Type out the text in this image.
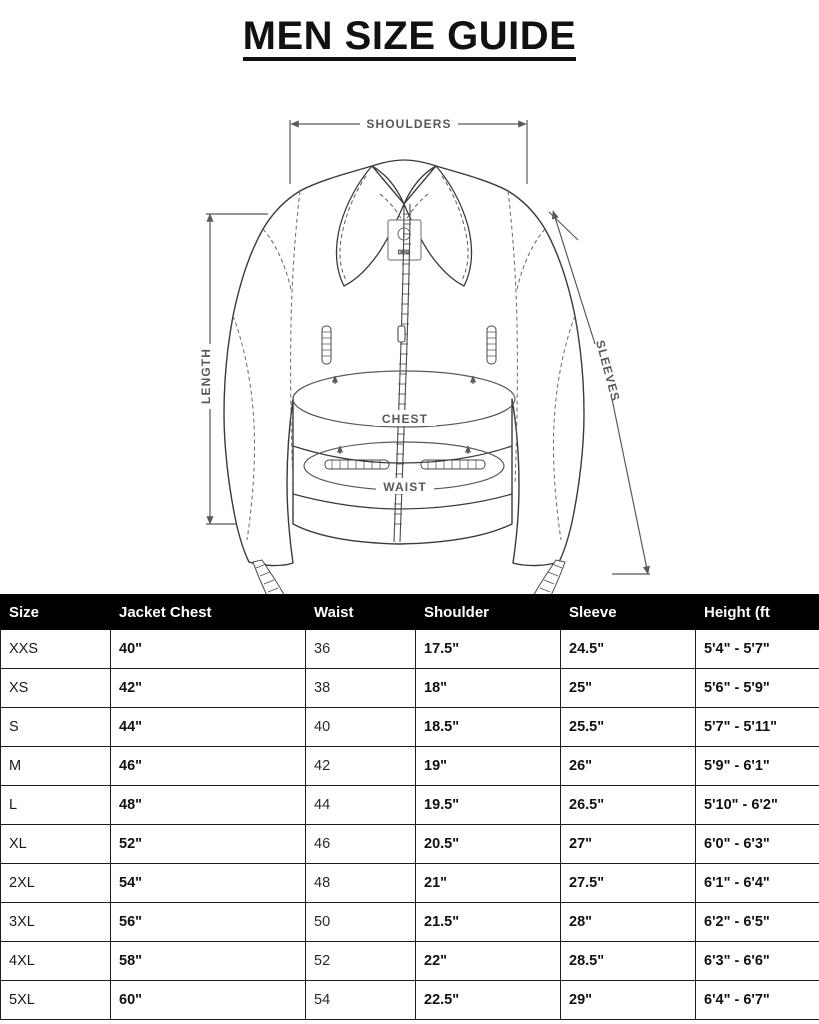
MEN SIZE GUIDE
SHOULDERS
LENGTH	SLEEVES
DIFG
CHEST
WAIST
Size	Jacket Chest	Waist	Shoulder	Sleeve	Height (ft
XXS	40"	36	17.5"	24.5"	5'4" - 5'7"
XS	42"	38	18"	25"	5'6" - 5'9"
S	44"	40	18.5"	25.5"	5'7" - 5'11"
M	46"	42	19"	26"	5'9" - 6'1"
L	48"	44	19.5"	26.5"	5'10" - 6'2"
XL	52"	46	20.5"	27"	6'0" - 6'3"
2XL	54"	48	21"	27.5"	6'1" - 6'4"
3XL	56"	50	21.5"	28"	6'2" - 6'5"
4XL	58"	52	22"	28.5"	6'3" - 6'6"
5XL	60"	54	22.5"	29"	6'4" - 6'7"
